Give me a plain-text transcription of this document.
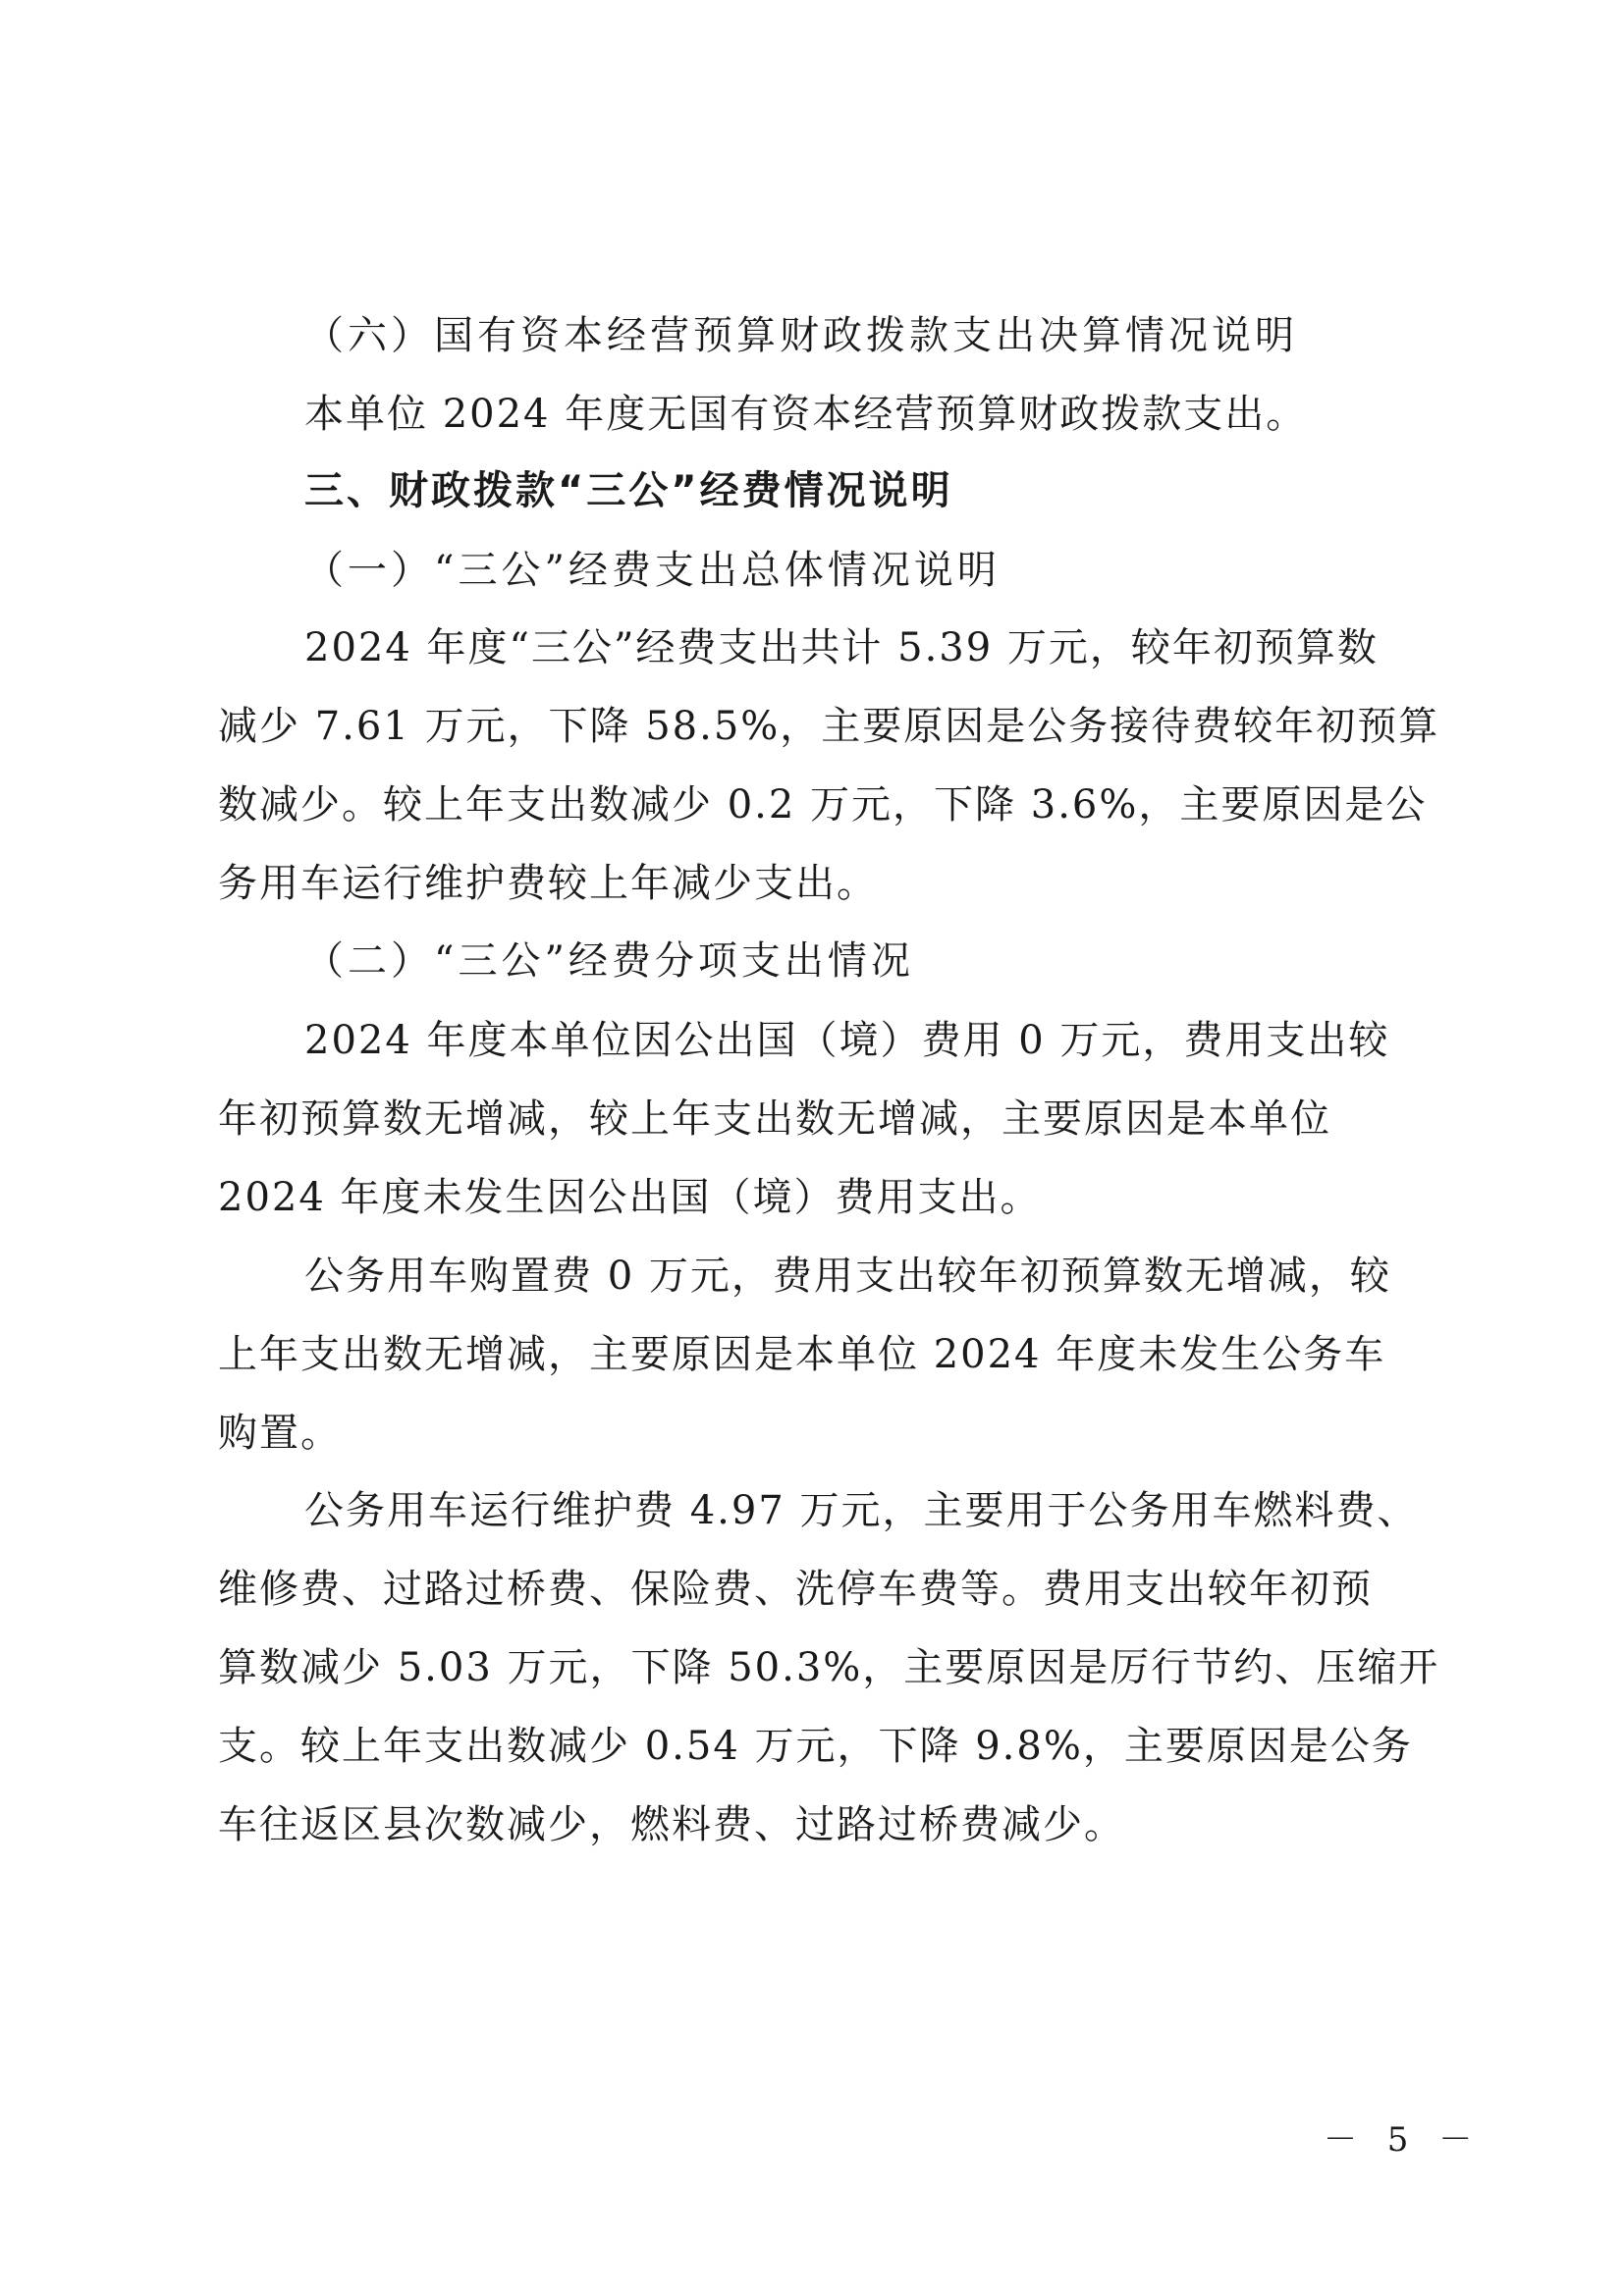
（六）国有资本经营预算财政拨款支出决算情况说明
本单位 2024 年度无国有资本经营预算财政拨款支出。
三、财政拨款“三公”经费情况说明
（一）“三公”经费支出总体情况说明
2024 年度“三公”经费支出共计 5.39 万元，较年初预算数
减少 7.61 万元，下降 58.5%，主要原因是公务接待费较年初预算
数减少。较上年支出数减少 0.2 万元，下降 3.6%，主要原因是公
务用车运行维护费较上年减少支出。
（二）“三公”经费分项支出情况
2024 年度本单位因公出国（境）费用 0 万元，费用支出较
年初预算数无增减，较上年支出数无增减，主要原因是本单位
2024 年度未发生因公出国（境）费用支出。
公务用车购置费 0 万元，费用支出较年初预算数无增减，较
上年支出数无增减，主要原因是本单位 2024 年度未发生公务车
购置。
公务用车运行维护费 4.97 万元，主要用于公务用车燃料费、
维修费、过路过桥费、保险费、洗停车费等。费用支出较年初预
算数减少 5.03 万元，下降 50.3%，主要原因是厉行节约、压缩开
支。较上年支出数减少 0.54 万元，下降 9.8%，主要原因是公务
车往返区县次数减少，燃料费、过路过桥费减少。
－ 5 －
